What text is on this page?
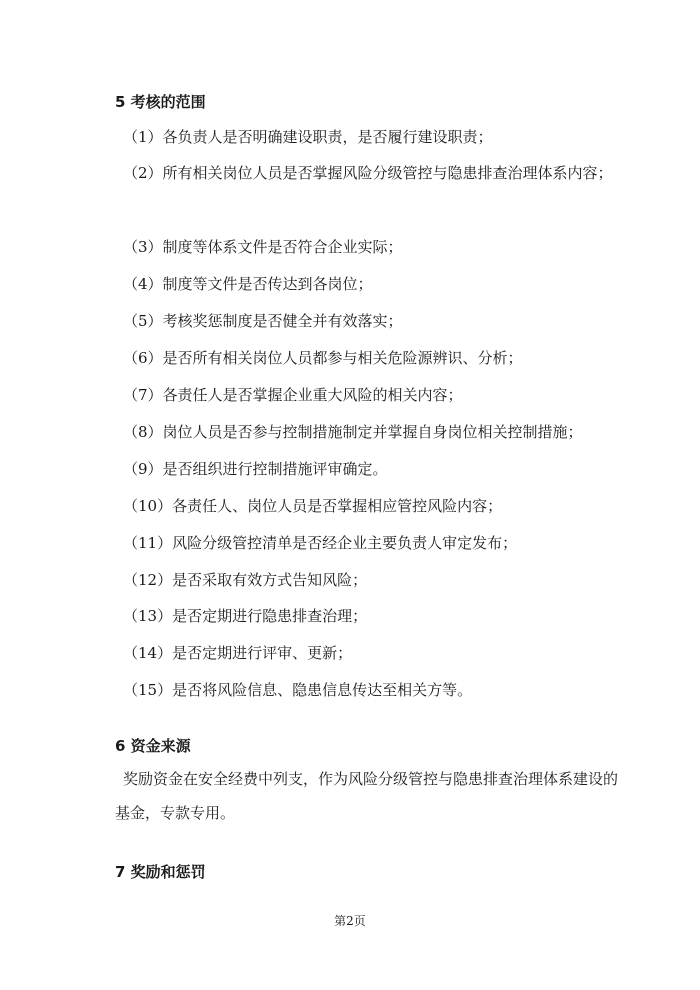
5 考核的范围

（1）各负责人是否明确建设职责，是否履行建设职责；

（2）所有相关岗位人员是否掌握风险分级管控与隐患排查治理体系内容；

（3）制度等体系文件是否符合企业实际；

（4）制度等文件是否传达到各岗位；

（5）考核奖惩制度是否健全并有效落实；

（6）是否所有相关岗位人员都参与相关危险源辨识、分析；

（7）各责任人是否掌握企业重大风险的相关内容；

（8）岗位人员是否参与控制措施制定并掌握自身岗位相关控制措施；

（9）是否组织进行控制措施评审确定。

（10）各责任人、岗位人员是否掌握相应管控风险内容；

（11）风险分级管控清单是否经企业主要负责人审定发布；

（12）是否采取有效方式告知风险；

（13）是否定期进行隐患排查治理；

（14）是否定期进行评审、更新；

（15）是否将风险信息、隐患信息传达至相关方等。

6 资金来源

奖励资金在安全经费中列支，作为风险分级管控与隐患排查治理体系建设的基金，专款专用。

7 奖励和惩罚
第2页
